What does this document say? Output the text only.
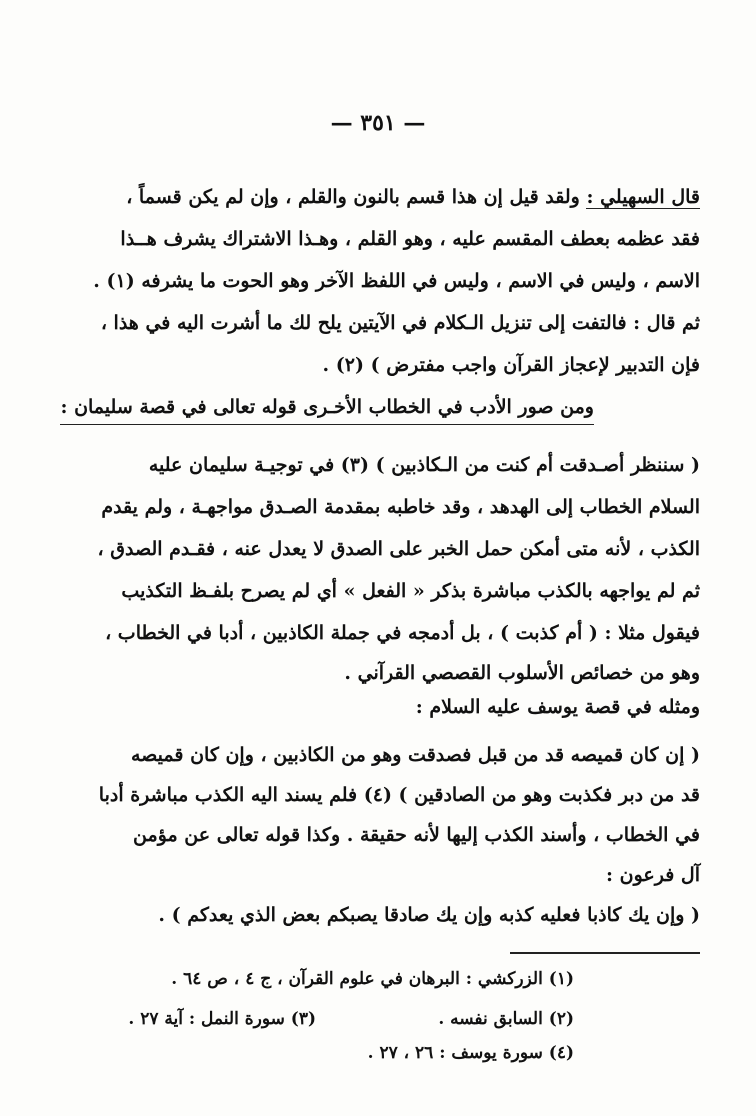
— ٣٥١ —
قال السهيلي : ولقد قيل إن هذا قسم بالنون والقلم ، وإن لم يكن قسماً ،
فقد عظمه بعطف المقسم عليه ، وهو القلم ، وهـذا الاشتراك يشرف هــذا
الاسم ، وليس في الاسم ، وليس في اللفظ الآخر وهو الحوت ما يشرفه (١) .
ثم قال : فالتفت إلى تنزيل الـكلام في الآيتين يلح لك ما أشرت اليه في هذا ،
فإن التدبير لإعجاز القرآن واجب مفترض ) (٢) .
ومن صور الأدب في الخطاب الأخـرى قوله تعالى في قصة سليمان :
( سننظر أصـدقت أم كنت من الـكاذبين ) (٣) في توجيـة سليمان عليه
السلام الخطاب إلى الهدهد ، وقد خاطبه بمقدمة الصـدق مواجهـة ، ولم يقدم
الكذب ، لأنه متى أمكن حمل الخبر على الصدق لا يعدل عنه ، فقـدم الصدق ،
ثم لم يواجهه بالكذب مباشرة بذكر « الفعل » أي لم يصرح بلفـظ التكذيب
فيقول مثلا : ( أم كذبت ) ، بل أدمجه في جملة الكاذبين ، أدبا في الخطاب ،
وهو من خصائص الأسلوب القصصي القرآني .
ومثله في قصة يوسف عليه السلام :
( إن كان قميصه قد من قبل فصدقت وهو من الكاذبين ، وإن كان قميصه
قد من دبر فكذبت وهو من الصادقين ) (٤) فلم يسند اليه الكذب مباشرة أدبا
في الخطاب ، وأسند الكذب إليها لأنه حقيقة . وكذا قوله تعالى عن مؤمن
آل فرعون :
( وإن يك كاذبا فعليه كذبه وإن يك صادقا يصبكم بعض الذي يعدكم ) .
(١) الزركشي : البرهان في علوم القرآن ، ج ٤ ، ص ٦٤ .
(٢) السابق نفسه .
(٣) سورة النمل : آية ٢٧ .
(٤) سورة يوسف : ٢٦ ، ٢٧ .
